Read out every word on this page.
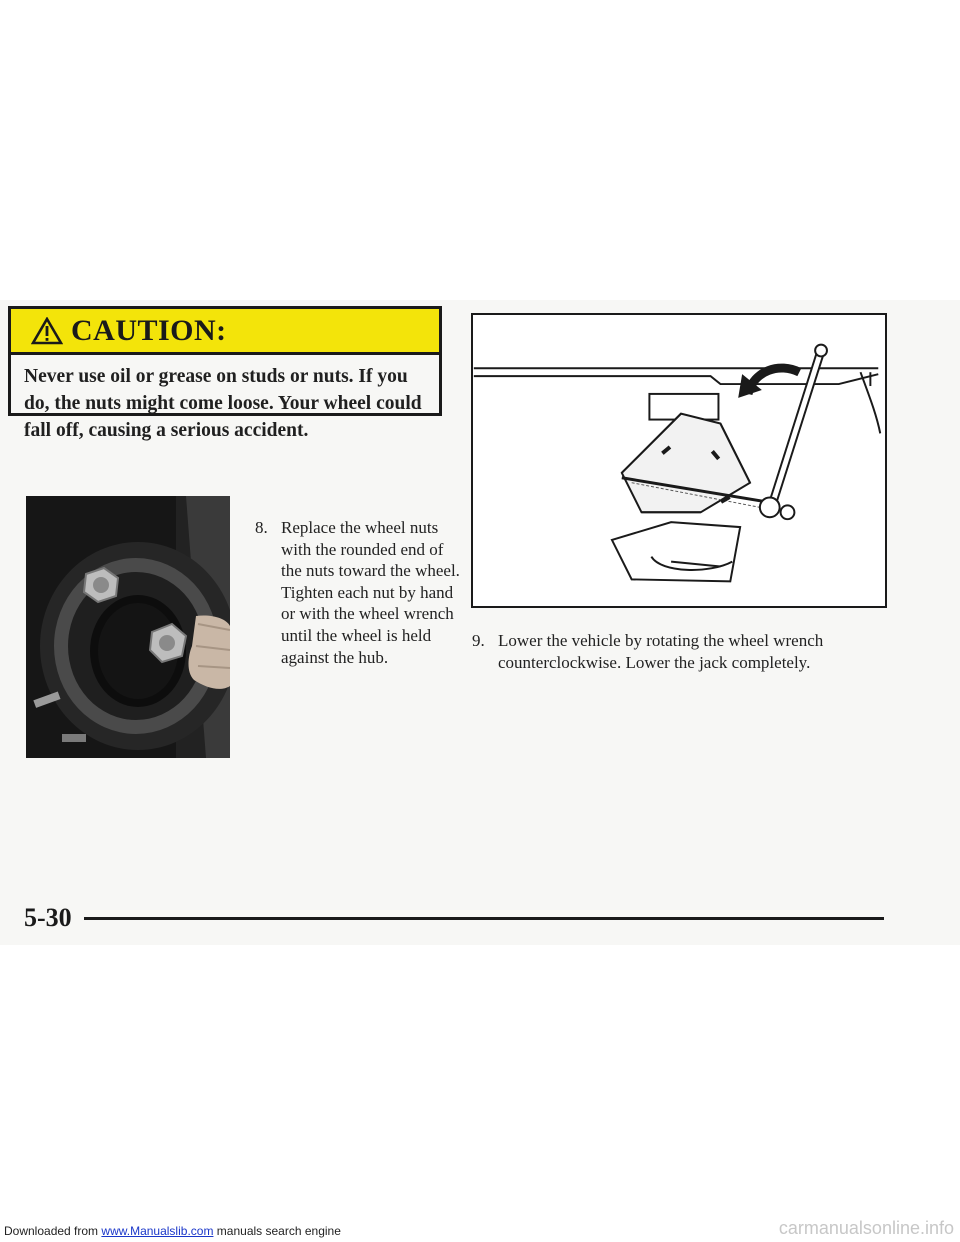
CAUTION:
Never use oil or grease on studs or nuts. If you do, the nuts might come loose. Your wheel could fall off, causing a serious accident.
8. Replace the wheel nuts with the rounded end of the nuts toward the wheel. Tighten each nut by hand or with the wheel wrench until the wheel is held against the hub.
9. Lower the vehicle by rotating the wheel wrench counterclockwise. Lower the jack completely.
5-30
Downloaded from www.Manualslib.com manuals search engine	carmanualsonline.info
